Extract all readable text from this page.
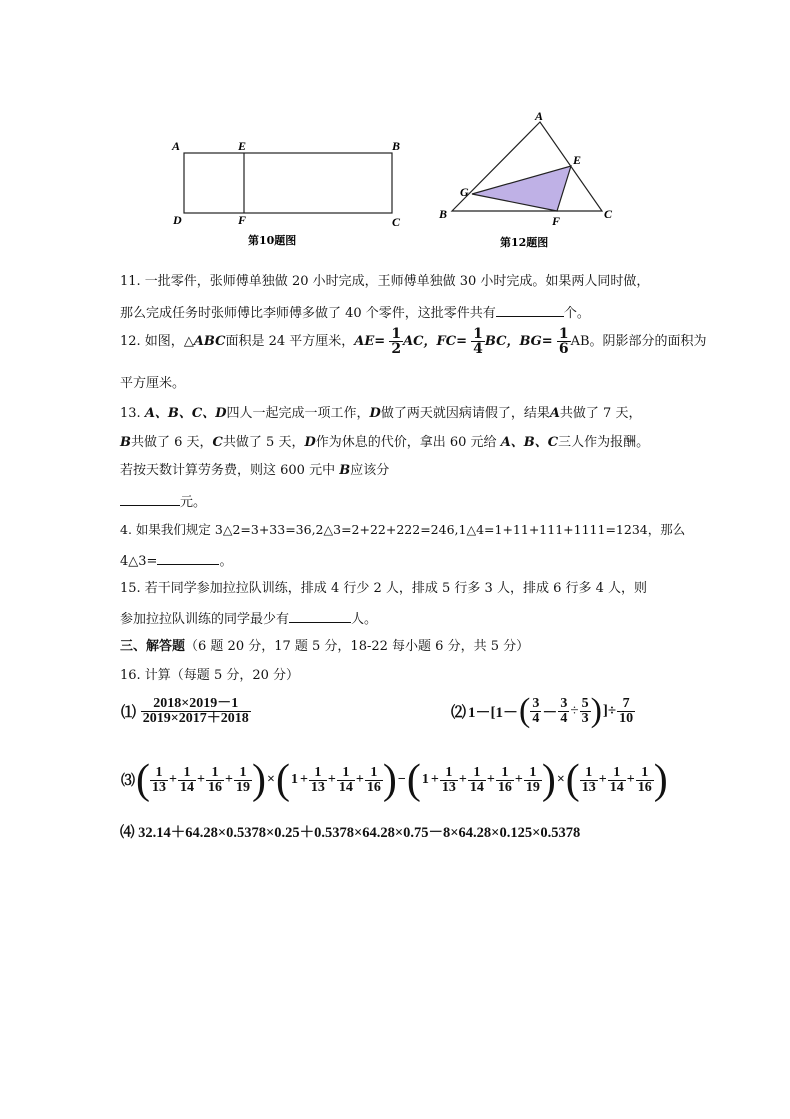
A	E	B
D	F	C
第10题图
A
E
G
B	F	C
第12题图
11. 一批零件，张师傅单独做 20 小时完成，王师傅单独做 30 小时完成。如果两人同时做，
那么完成任务时张师傅比李师傅多做了 40 个零件，这批零件共有	个。
12. 如图，△ABC面积是 24 平方厘米，$AE= \frac{1}{2}$ AC，$FC= \frac{1}{4}$ BC，$BG= \frac{1}{6}$ AB。阴影部分的面积为
平方厘米。
13. A、B、C、D四人一起完成一项工作，D做了两天就因病请假了，结果A共做了 7 天，
B共做了 6 天，C共做了 5 天，D作为休息的代价，拿出 60 元给 A、B、C三人作为报酬。
若按天数计算劳务费，则这 600 元中 B应该分
元。
4. 如果我们规定 3△2=3+33=36,2△3=2+22+222=246,1△4=1+11+111+1111=1234，那么
4△3=	。
15. 若干同学参加拉拉队训练，排成 4 行少 2 人，排成 5 行多 3 人，排成 6 行多 4 人，则
参加拉拉队训练的同学最少有	人。
三、解答题（6 题 20 分，17 题 5 分，18-22 每小题 6 分，共 5 分）
16. 计算（每题 5 分，20 分）
⑴ $\frac{2018\times 2019-1}{2019\times 2017+2018}$	⑵ $1-[1-( \frac{3}{4} - \frac{3}{4} \div \frac{5}{3}$ )]÷ $\frac{7}{10}$
⑶( $\frac{1}{13} + \frac{1}{14} + \frac{1}{16} + \frac{1}{19} )\times(1 + \frac{1}{13} + \frac{1}{14} + \frac{1}{16} )-(1 + \frac{1}{13} + \frac{1}{14} + \frac{1}{16} + \frac{1}{19}$ )×( $\frac{1}{13} + \frac{1}{14} + \frac{1}{16}$ )
⑷ 32.14＋64.28×0.5378×0.25＋0.5378×64.28×0.75－8×64.28×0.125×0.5378
